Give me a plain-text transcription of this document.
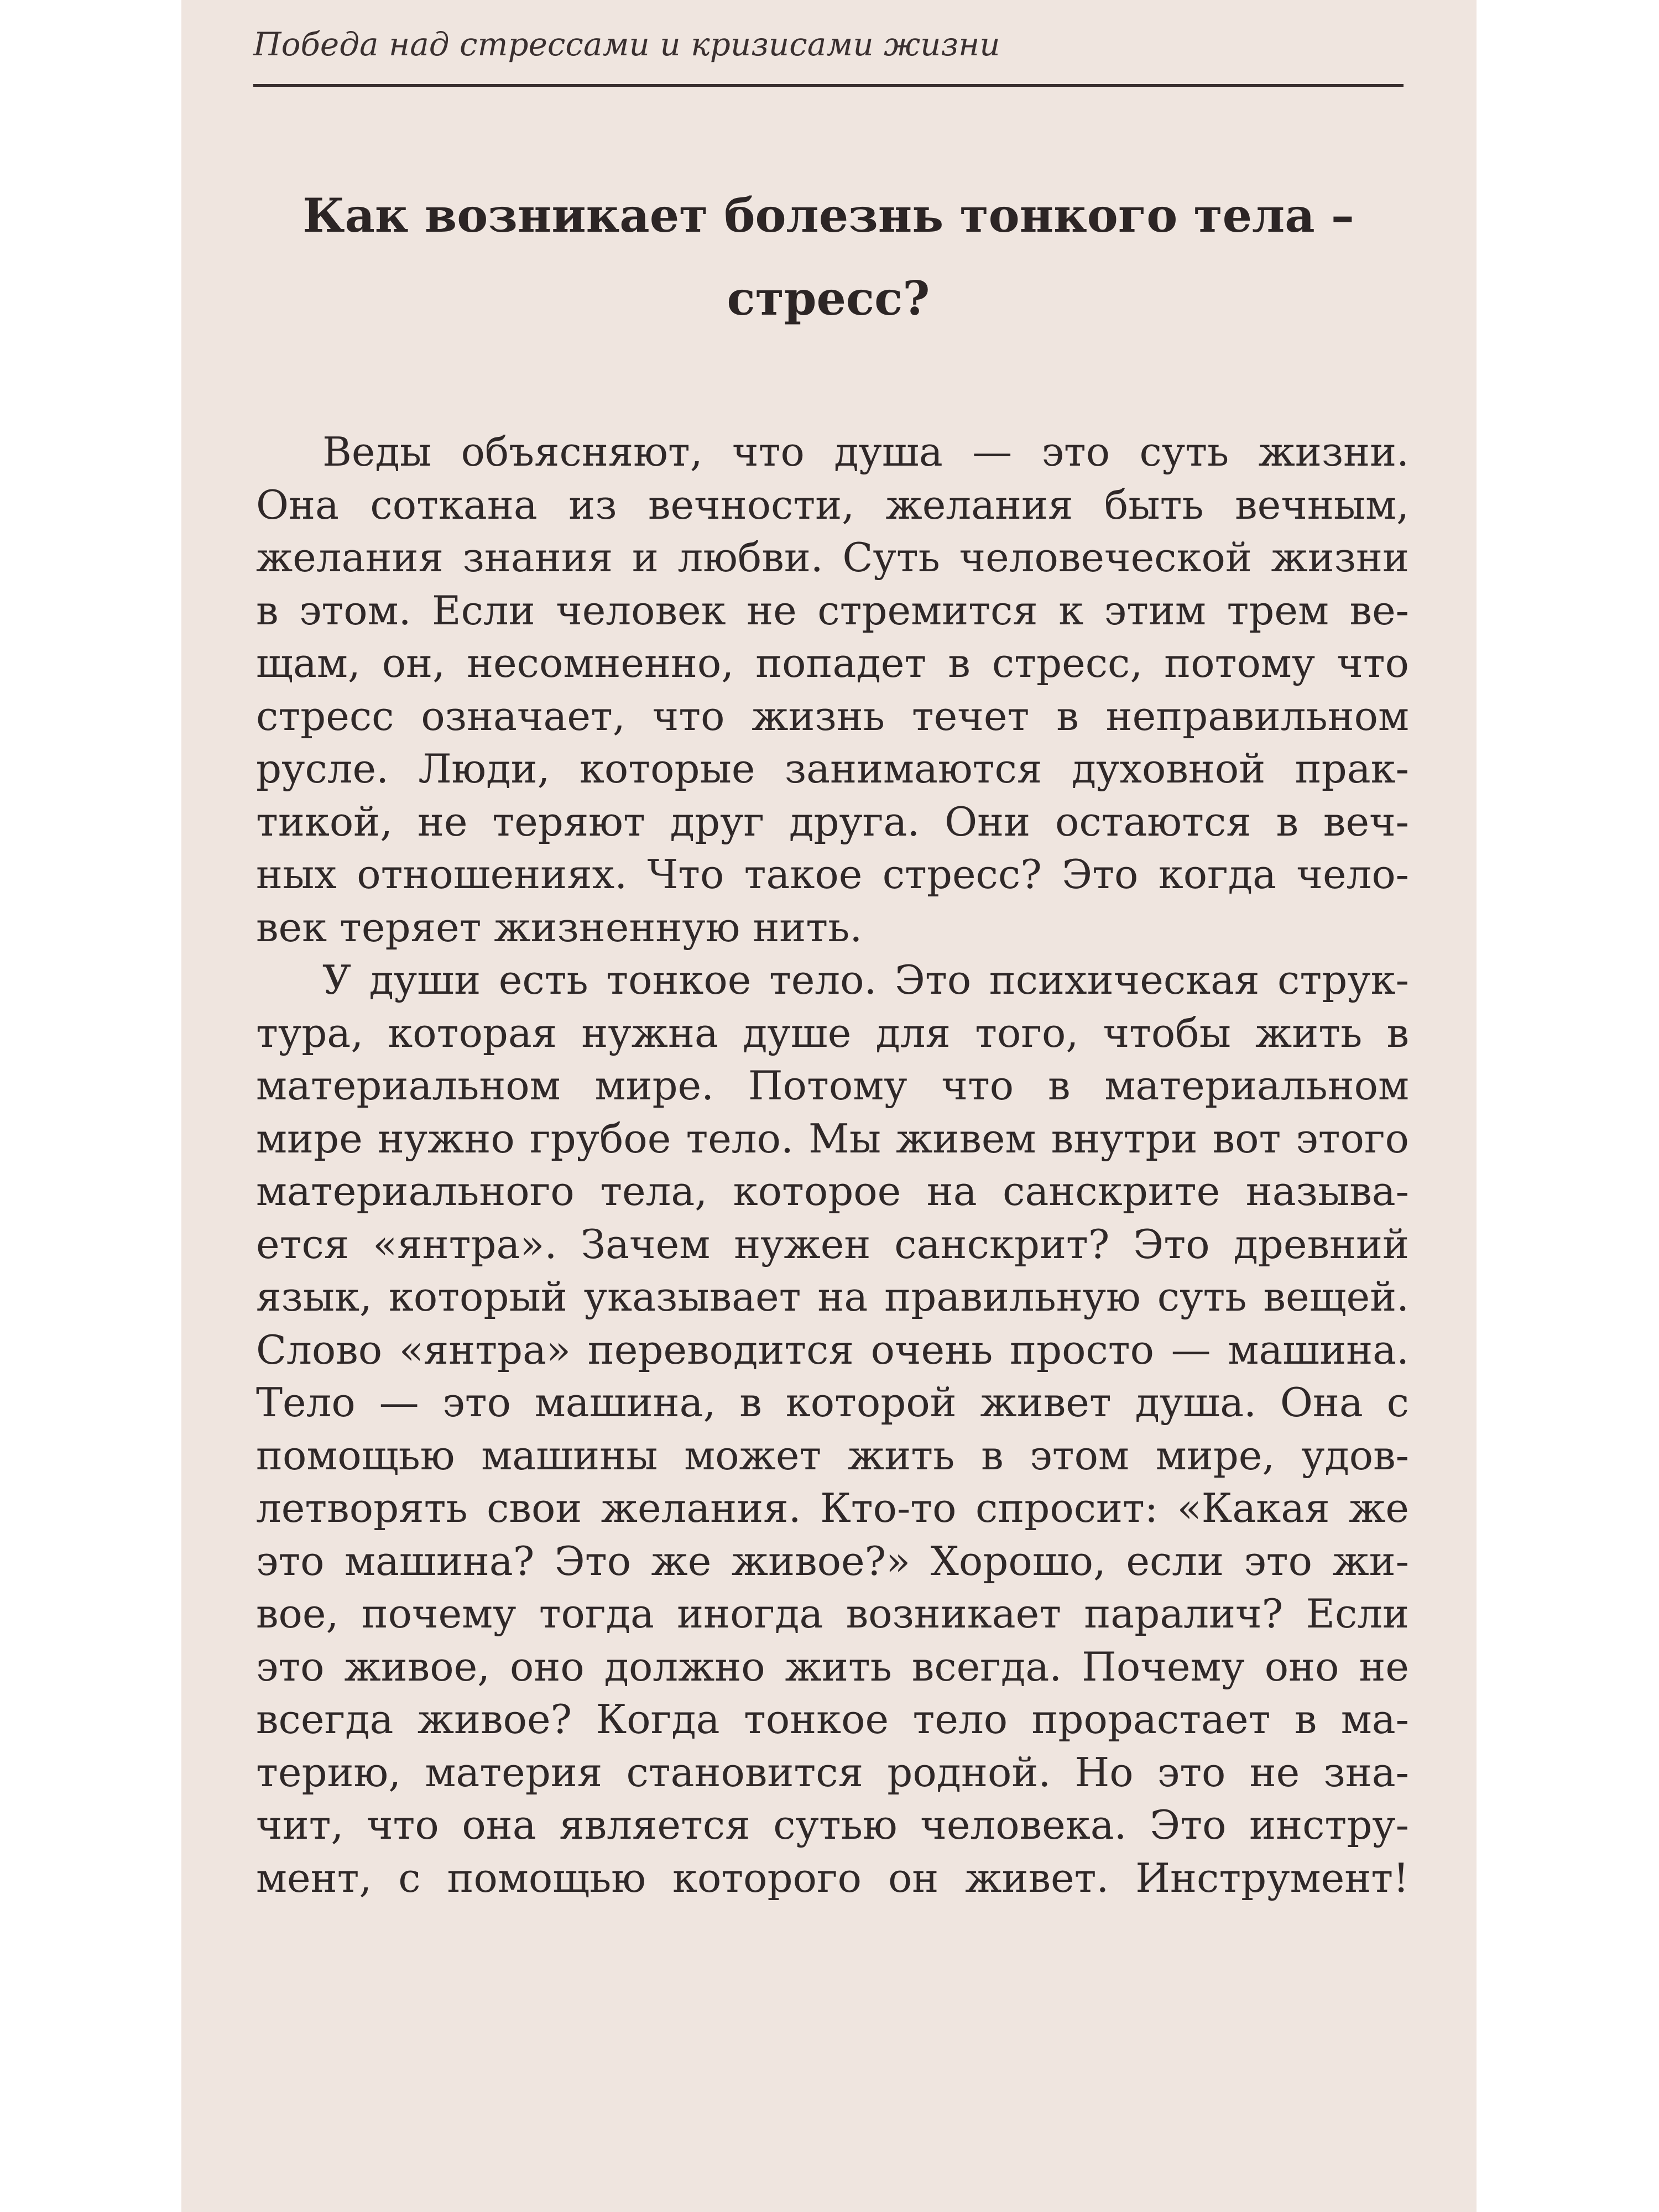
Победа над стрессами и кризисами жизни
Как возникает болезнь тонкого тела –
стресс?
Веды объясняют, что душа — это суть жизни.
Она соткана из вечности, желания быть вечным,
желания знания и любви. Суть человеческой жизни
в этом. Если человек не стремится к этим трем ве-
щам, он, несомненно, попадет в стресс, потому что
стресс означает, что жизнь течет в неправильном
русле. Люди, которые занимаются духовной прак-
тикой, не теряют друг друга. Они остаются в веч-
ных отношениях. Что такое стресс? Это когда чело-
век теряет жизненную нить.
У души есть тонкое тело. Это психическая струк-
тура, которая нужна душе для того, чтобы жить в
материальном мире. Потому что в материальном
мире нужно грубое тело. Мы живем внутри вот этого
материального тела, которое на санскрите называ-
ется «янтра». Зачем нужен санскрит? Это древний
язык, который указывает на правильную суть вещей.
Слово «янтра» переводится очень просто — машина.
Тело — это машина, в которой живет душа. Она с
помощью машины может жить в этом мире, удов-
летворять свои желания. Кто-то спросит: «Какая же
это машина? Это же живое?» Хорошо, если это жи-
вое, почему тогда иногда возникает паралич? Если
это живое, оно должно жить всегда. Почему оно не
всегда живое? Когда тонкое тело прорастает в ма-
терию, материя становится родной. Но это не зна-
чит, что она является сутью человека. Это инстру-
мент, с помощью которого он живет. Инструмент!
